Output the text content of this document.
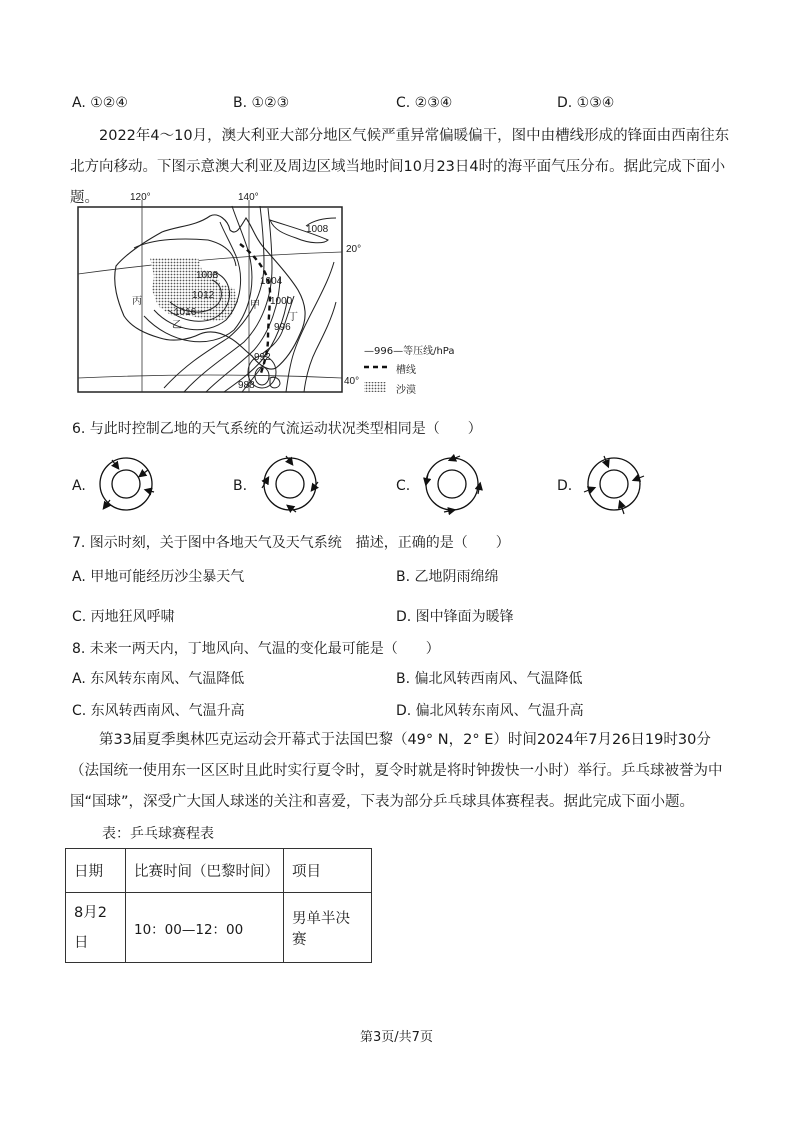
A. ①②④	B. ①②③	C. ②③④	D. ①③④

2022年4～10月，澳大利亚大部分地区气候严重异常偏暖偏干，图中由槽线形成的锋面由西南往东北方向移动。下图示意澳大利亚及周边区域当地时间10月23日4时的海平面气压分布。据此完成下面小题。	120°	140°
20°
40°
1008
1008
1004
1012
1000
1016
996
992
988
丙
乙
甲
丁
—996—等压线/hPa
槽线
沙漠
6. 与此时控制乙地的天气系统的气流运动状况类型相同是（　　）
A.	B.	C.	D.
7. 图示时刻，关于图中各地天气及天气系统　描述，正确的是（　　）
A. 甲地可能经历沙尘暴天气	B. 乙地阴雨绵绵
C. 丙地狂风呼啸	D. 图中锋面为暖锋
8. 未来一两天内，丁地风向、气温的变化最可能是（　　）
A. 东风转东南风、气温降低	B. 偏北风转西南风、气温降低
C. 东风转西南风、气温升高	D. 偏北风转东南风、气温升高

第33届夏季奥林匹克运动会开幕式于法国巴黎（49° N，2° E）时间2024年7月26日19时30分（法国统一使用东一区区时且此时实行夏令时，夏令时就是将时钟拨快一小时）举行。乒乓球被誉为中国“国球”，深受广大国人球迷的关注和喜爱，下表为部分乒乓球具体赛程表。据此完成下面小题。

表：乒乓球赛程表
日期	比赛时间（巴黎时间）	项目
8月2日	10：00—12：00	男单半决赛
第3页/共7页
